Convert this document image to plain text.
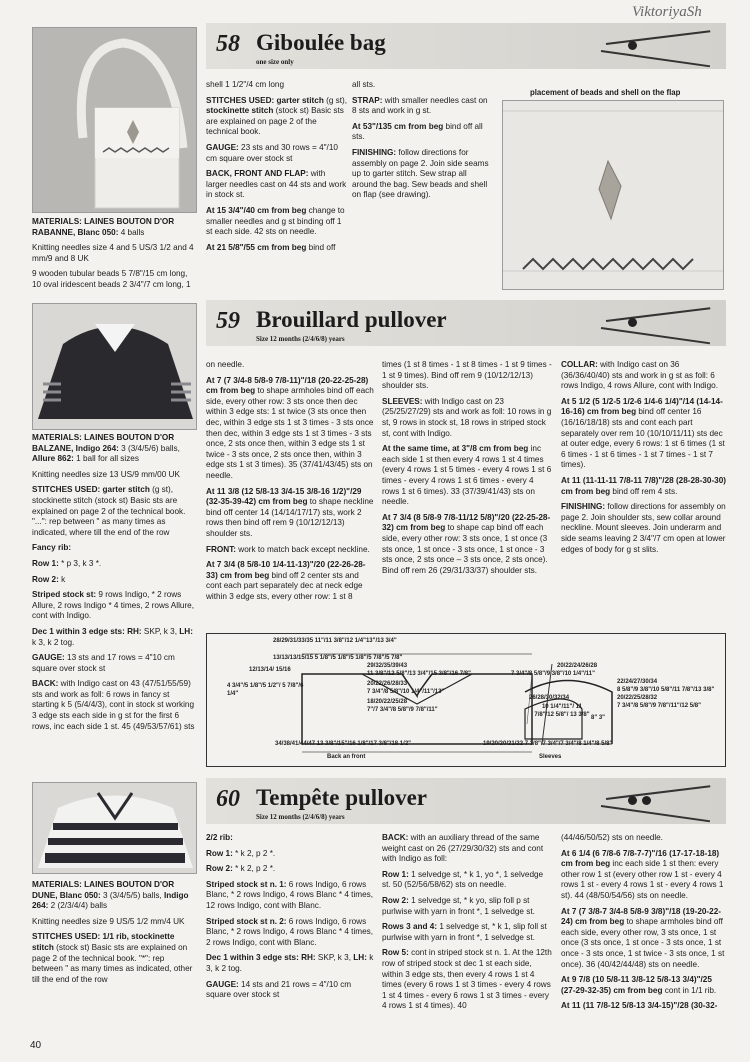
ViktoriyaSh
58 Giboulée bag
one size only

MATERIALS: LAINES BOUTON D'OR RABANNE, Blanc 050: 4 balls

Knitting needles size 4 and 5 US/3 1/2 and 4 mm/9 and 8 UK

9 wooden tubular beads 5 7/8"/15 cm long, 10 oval iridescent beads 2 3/4"/7 cm long, 1

shell 1 1/2"/4 cm long

STITCHES USED: garter stitch (g st), stockinette stitch (stock st) Basic sts are explained on page 2 of the technical book.

GAUGE: 23 sts and 30 rows = 4"/10 cm square over stock st

BACK, FRONT AND FLAP: with larger needles cast on 44 sts and work in stock st.

At 15 3/4"/40 cm from beg change to smaller needles and g st binding off 1 st each side. 42 sts on needle.

At 21 5/8"/55 cm from beg bind off

all sts.

STRAP: with smaller needles cast on 8 sts and work in g st.

At 53"/135 cm from beg bind off all sts.

FINISHING: follow directions for assembly on page 2. Join side seams up to garter stitch. Sew strap all around the bag. Sew beads and shell on flap (see drawing).

placement of beads and shell on the flap
59 Brouillard pullover
Size 12 months (2/4/6/8) years

MATERIALS: LAINES BOUTON D'OR BALZANE, Indigo 264: 3 (3/4/5/6) balls, Allure 862: 1 ball for all sizes

Knitting needles size 13 US/9 mm/00 UK

STITCHES USED: garter stitch (g st), stockinette stitch (stock st) Basic sts are explained on page 2 of the technical book. "...": rep between " as many times as indicated, where till the end of the row

Fancy rib:

Row 1: * p 3, k 3 *.

Row 2: k

Striped stock st: 9 rows Indigo, * 2 rows Allure, 2 rows Indigo * 4 times, 2 rows Allure, cont with Indigo.

Dec 1 within 3 edge sts: RH: SKP, k 3, LH: k 3, k 2 tog.

GAUGE: 13 sts and 17 rows = 4"10 cm square over stock st

BACK: with Indigo cast on 43 (47/51/55/59) sts and work as foll: 6 rows in fancy st starting k 5 (5/4/4/3), cont in stock st working 3 edge sts each side in g st for the first 6 rows, inc each side 1 st. 45 (49/53/57/61) sts

on needle.

At 7 (7 3/4-8 5/8-9 7/8-11)"/18 (20-22-25-28) cm from beg to shape armholes bind off each side, every other row: 3 sts once then dec within 3 edge sts: 1 st twice (3 sts once then dec, within 3 edge sts 1 st 3 times - 3 sts once then dec, within 3 edge sts 1 st 3 times - 3 sts once, 2 sts once then, within 3 edge sts 1 st twice - 3 sts once, 2 sts once then, within 3 edge sts 1 st 3 times). 35 (37/41/43/45) sts on needle.

At 11 3/8 (12 5/8-13 3/4-15 3/8-16 1/2)"/29 (32-35-39-42) cm from beg to shape neckline bind off center 14 (14/14/17/17) sts, work 2 rows then bind off rem 9 (10/12/12/13) shoulder sts.

FRONT: work to match back except neckline.

At 7 3/4 (8 5/8-10 1/4-11-13)"/20 (22-26-28-33) cm from beg bind off 2 center sts and cont each part separately dec at neck edge within 3 edge sts, every other row: 1 st 8

times (1 st 8 times - 1 st 8 times - 1 st 9 times - 1 st 9 times). Bind off rem 9 (10/12/12/13) shoulder sts.

SLEEVES: with Indigo cast on 23 (25/25/27/29) sts and work as foll: 10 rows in g st, 9 rows in stock st, 18 rows in striped stock st, cont with Indigo.

At the same time, at 3"/8 cm from beg inc each side 1 st then every 4 rows 1 st 4 times (every 4 rows 1 st 5 times - every 4 rows 1 st 6 times - every 4 rows 1 st 6 times - every 4 rows 1 st 6 times). 33 (37/39/41/43) sts on needle.

At 7 3/4 (8 5/8-9 7/8-11/12 5/8)"/20 (22-25-28-32) cm from beg to shape cap bind off each side, every other row: 3 sts once, 1 st once (3 sts once, 1 st once - 3 sts once, 1 st once - 3 sts once, 2 sts once – 3 sts once, 2 sts once). Bind off rem 26 (29/31/33/37) shoulder sts.

COLLAR: with Indigo cast on 36 (36/36/40/40) sts and work in g st as foll: 6 rows Indigo, 4 rows Allure, cont with Indigo.

At 5 1/2 (5 1/2-5 1/2-6 1/4-6 1/4)"/14 (14-14-16-16) cm from beg bind off center 16 (16/16/18/18) sts and cont each part separately over rem 10 (10/10/11/11) sts dec at outer edge, every 6 rows: 1 st 6 times (1 st 6 times - 1 st 6 times - 1 st 7 times - 1 st 7 times).

At 11 (11-11-11 7/8-11 7/8)"/28 (28-28-30-30) cm from beg bind off rem 4 sts.

FINISHING: follow directions for assembly on page 2. Join shoulder sts, sew collar around neckline. Mount sleeves. Join underarm and side seams leaving 2 3/4"/7 cm open at lower edges of body for g st slits.

28/29/31/33/35 11"/11 3/8"/12 1/4"13"/13 3/4"
13/13/13/15/15 5 1/8"/5 1/8"/5 1/8"/5 7/8"/5 7/8"
12/13/14/ 15/16
4 3/4"/5 1/8"/5 1/2"/ 5 7/8"/6 1/4"
29/32/35/39/43
11 3/8"/12 5/8"/13 3/4"/15 3/8"/16 7/8"
20/22/26/28/33
7 3/4"/8 5/8"/10 1/4"/11"/13"
18/20/22/25/28
7"/7 3/4"/8 5/8"/9 7/8"/11"
34/38/41/44/47 13 3/8"/15"/16 1/8"/17 3/8"/18 1/2"
Back an front
20/22/24/26/28
7 3/4"/8 5/8"/9 3/8"/10 1/4"/11"
22/24/27/30/34
8 5/8"/9 3/8"/10 5/8"/11 7/8"/13 3/8"
20/22/25/28/32
7 3/4"/8 5/8"/9 7/8"/11"/12 5/8"
26/28/30/32/34
10 1/4"/11"/ 11 7/8"/12 5/8"/ 13 3/8" 8" 3"
19/20/20/21/22 7 3/8"/7 3/4"/7 3/4"/8 1/4"/8 5/8"
Sleeves
60 Tempête pullover
Size 12 months (2/4/6/8) years

MATERIALS: LAINES BOUTON D'OR DUNE, Blanc 050: 3 (3/4/5/5) balls, Indigo 264: 2 (2/3/4/4) balls

Knitting needles size 9 US/5 1/2 mm/4 UK

STITCHES USED: 1/1 rib, stockinette stitch (stock st) Basic sts are explained on page 2 of the technical book. "*": rep between " as many times as indicated, other till the end of the row

2/2 rib:

Row 1: * k 2, p 2 *.

Row 2: * k 2, p 2 *.

Striped stock st n. 1: 6 rows Indigo, 6 rows Blanc, * 2 rows Indigo, 4 rows Blanc * 4 times, 12 rows Indigo, cont with Blanc.

Striped stock st n. 2: 6 rows Indigo, 6 rows Blanc, * 2 rows Indigo, 4 rows Blanc * 4 times, 2 rows Indigo, cont with Blanc.

Dec 1 within 3 edge sts: RH: SKP, k 3, LH: k 3, k 2 tog.

GAUGE: 14 sts and 21 rows = 4"/10 cm square over stock st

BACK: with an auxiliary thread of the same weight cast on 26 (27/29/30/32) sts and cont with Indigo as foll:

Row 1: 1 selvedge st, * k 1, yo *, 1 selvedge st. 50 (52/56/58/62) sts on needle.

Row 2: 1 selvedge st, * k yo, slip foll p st purlwise with yarn in front *, 1 selvedge st.

Rows 3 and 4: 1 selvedge st, * k 1, slip foll st purlwise with yarn in front *, 1 selvedge st.

Row 5: cont in striped stock st n. 1. At the 12th row of striped stock st dec 1 st each side, within 3 edge sts, then every 4 rows 1 st 4 times (every 6 rows 1 st 3 times - every 4 rows 1 st 4 times - every 6 rows 1 st 3 times - every 4 rows 1 st 4 times). 40

(44/46/50/52) sts on needle.

At 6 1/4 (6 7/8-6 7/8-7-7)"/16 (17-17-18-18) cm from beg inc each side 1 st then: every other row 1 st (every other row 1 st - every 4 rows 1 st - every 4 rows 1 st - every 4 rows 1 st). 44 (48/50/54/56) sts on needle.

At 7 (7 3/8-7 3/4-8 5/8-9 3/8)"/18 (19-20-22-24) cm from beg to shape armholes bind off each side, every other row, 3 sts once, 1 st once (3 sts once, 1 st once - 3 sts once, 1 st once - 3 sts once, 1 st twice - 3 sts once, 1 st once). 36 (40/42/44/48) sts on needle.

At 9 7/8 (10 5/8-11 3/8-12 5/8-13 3/4)"/25 (27-29-32-35) cm from beg cont in 1/1 rib.

At 11 (11 7/8-12 5/8-13 3/4-15)"/28 (30-32-

40
